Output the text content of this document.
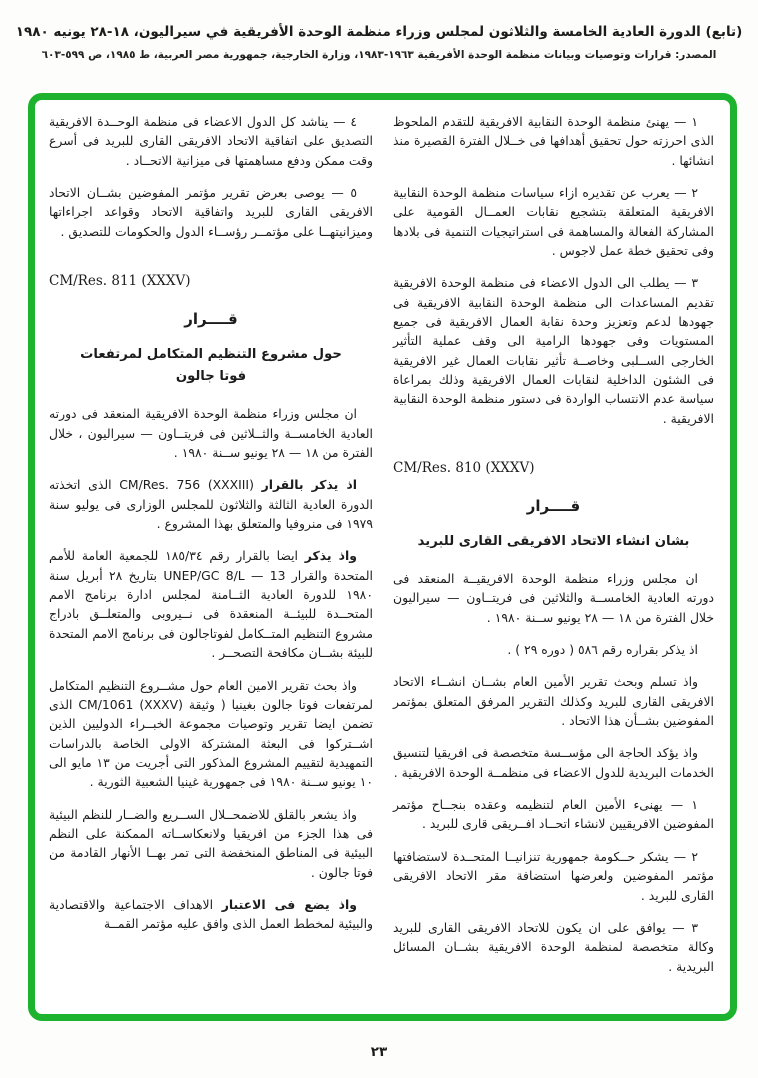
(تابع) الدورة العادية الخامسة والثلاثون لمجلس وزراء منظمة الوحدة الأفريقية في سيراليون، ١٨-٢٨ يونيه ١٩٨٠
المصدر: قرارات وتوصيات وبيانات منظمة الوحدة الأفريقية ١٩٦٣-١٩٨٣، وزارة الخارجية، جمهورية مصر العربية، ط ١٩٨٥، ص ٥٩٩-٦٠٣

١ — يهنئ منظمة الوحدة النقابية الافريقية للتقدم الملحوظ الذى احرزته حول تحقيق أهدافها فى خــلال الفترة القصيرة منذ انشائها .

٢ — يعرب عن تقديره ازاء سياسات منظمة الوحدة النقابية الافريقية المتعلقة بتشجيع نقابات العمــال القومية على المشاركة الفعالة والمساهمة فى استراتيجيات التنمية فى بلادها وفى تحقيق خطة عمل لاجوس .

٣ — يطلب الى الدول الاعضاء فى منظمة الوحدة الافريقية تقديم المساعدات الى منظمة الوحدة النقابية الافريقية فى جهودها لدعم وتعزيز وحدة نقابة العمال الافريقية فى جميع المستويات وفى جهودها الرامية الى وقف عملية التأثير الخارجى الســلبى وخاصــة تأثير نقابات العمال غير الافريقية فى الشئون الداخلية لنقابات العمال الافريقية وذلك بمراعاة سياسة عدم الانتساب الواردة فى دستور منظمة الوحدة النقابية الافريقية .

CM/Res. 810 (XXXV)

قــــرار

بشان انشاء الاتحاد الافريقى القارى للبريد

ان مجلس وزراء منظمة الوحدة الافريقيــة المنعقد فى دورته العادية الخامســة والثلاثين فى فريتــاون — سيراليون خلال الفترة من ١٨ — ٢٨ يونيو ســنة ١٩٨٠ .

اذ يذكر بقراره رقم ٥٨٦ ( دوره ٢٩ ) .

واذ تسلم وبحث تقرير الأمين العام بشــان انشــاء الاتحاد الافريقى القارى للبريد وكذلك التقرير المرفق المتعلق بمؤتمر المفوضين بشــأن هذا الاتحاد .

واذ يؤكد الحاجة الى مؤســسة متخصصة فى افريقيا لتنسيق الخدمات البريدية للدول الاعضاء فى منظمــة الوحدة الافريقية .

١ — يهنىء الأمين العام لتنظيمه وعقده بنجــاح مؤتمر المفوضين الافريقيين لانشاء اتحــاد افــريقى قارى للبريد .

٢ — يشكر حــكومة جمهورية تنزانيــا المتحــدة لاستضافتها مؤتمر المفوضين ولعرضها استضافة مقر الاتحاد الافريقى القارى للبريد .

٣ — يوافق على ان يكون للاتحاد الافريقى القارى للبريد وكالة متخصصة لمنظمة الوحدة الافريقية بشــان المسائل البريدية .

٤ — يناشد كل الدول الاعضاء فى منظمة الوحــدة الافريقية التصديق على اتفاقية الاتحاد الافريقى القارى للبريد فى أسرع وقت ممكن ودفع مساهمتها فى ميزانية الاتحــاد .

٥ — يوصى بعرض تقرير مؤتمر المفوضين بشــان الاتحاد الافريقى القارى للبريد واتفاقية الاتحاد وقواعد اجراءاتها وميزانيتهــا على مؤتمــر رؤســاء الدول والحكومات للتصديق .

CM/Res. 811 (XXXV)

قــــرار

حول مشروع التنظيم المتكامل لمرتفعات
فوتا جالون

ان مجلس وزراء منظمة الوحدة الافريقية المنعقد فى دورته العادية الخامســة والثــلاثين فى فريتــاون — سيراليون ، خلال الفترة من ١٨ — ٢٨ يونيو ســنة ١٩٨٠ .

اذ يذكر بالقرار CM/Res. 756 (XXXIII) الذى اتخذته الدورة العادية الثالثة والثلاثون للمجلس الوزارى فى يوليو سنة ١٩٧٩ فى منروفيا والمتعلق بهذا المشروع .

واذ يذكر ايضا بالقرار رقم ١٨٥/٣٤ للجمعية العامة للأمم المتحدة والقرار UNEP/GC 8/L — 13 بتاريخ ٢٨ أبريل سنة ١٩٨٠ للدورة العادية الثــامنة لمجلس ادارة برنامج الامم المتحــدة للبيئــة المنعقدة فى نــيروبى والمتعلــق بادراج مشروع التنظيم المتــكامل لفوتاجالون فى برنامج الامم المتحدة للبيئة بشــان مكافحة التصحــر .

واذ بحث تقرير الامين العام حول مشــروع التنظيم المتكامل لمرتفعات فوتا جالون بغينيا ( وثيقة CM/1061 (XXXV) الذى تضمن ايضا تقرير وتوصيات مجموعة الخبــراء الدوليين الذين اشــتركوا فى البعثة المشتركة الاولى الخاصة بالدراسات التمهيدية لتقييم المشروع المذكور التى أجريت من ١٣ مايو الى ١٠ يونيو ســنة ١٩٨٠ فى جمهورية غينيا الشعبية الثورية .

واذ يشعر بالقلق للاضمحــلال الســريع والضــار للنظم البيئية فى هذا الجزء من افريقيا ولانعكاســاته الممكنة على النظم البيئية فى المناطق المنخفضة التى تمر بهــا الأنهار القادمة من فوتا جالون .

واذ يضع فى الاعتبار الاهداف الاجتماعية والاقتصادية والبيئية لمخطط العمل الذى وافق عليه مؤتمر القمــة

٢٣
